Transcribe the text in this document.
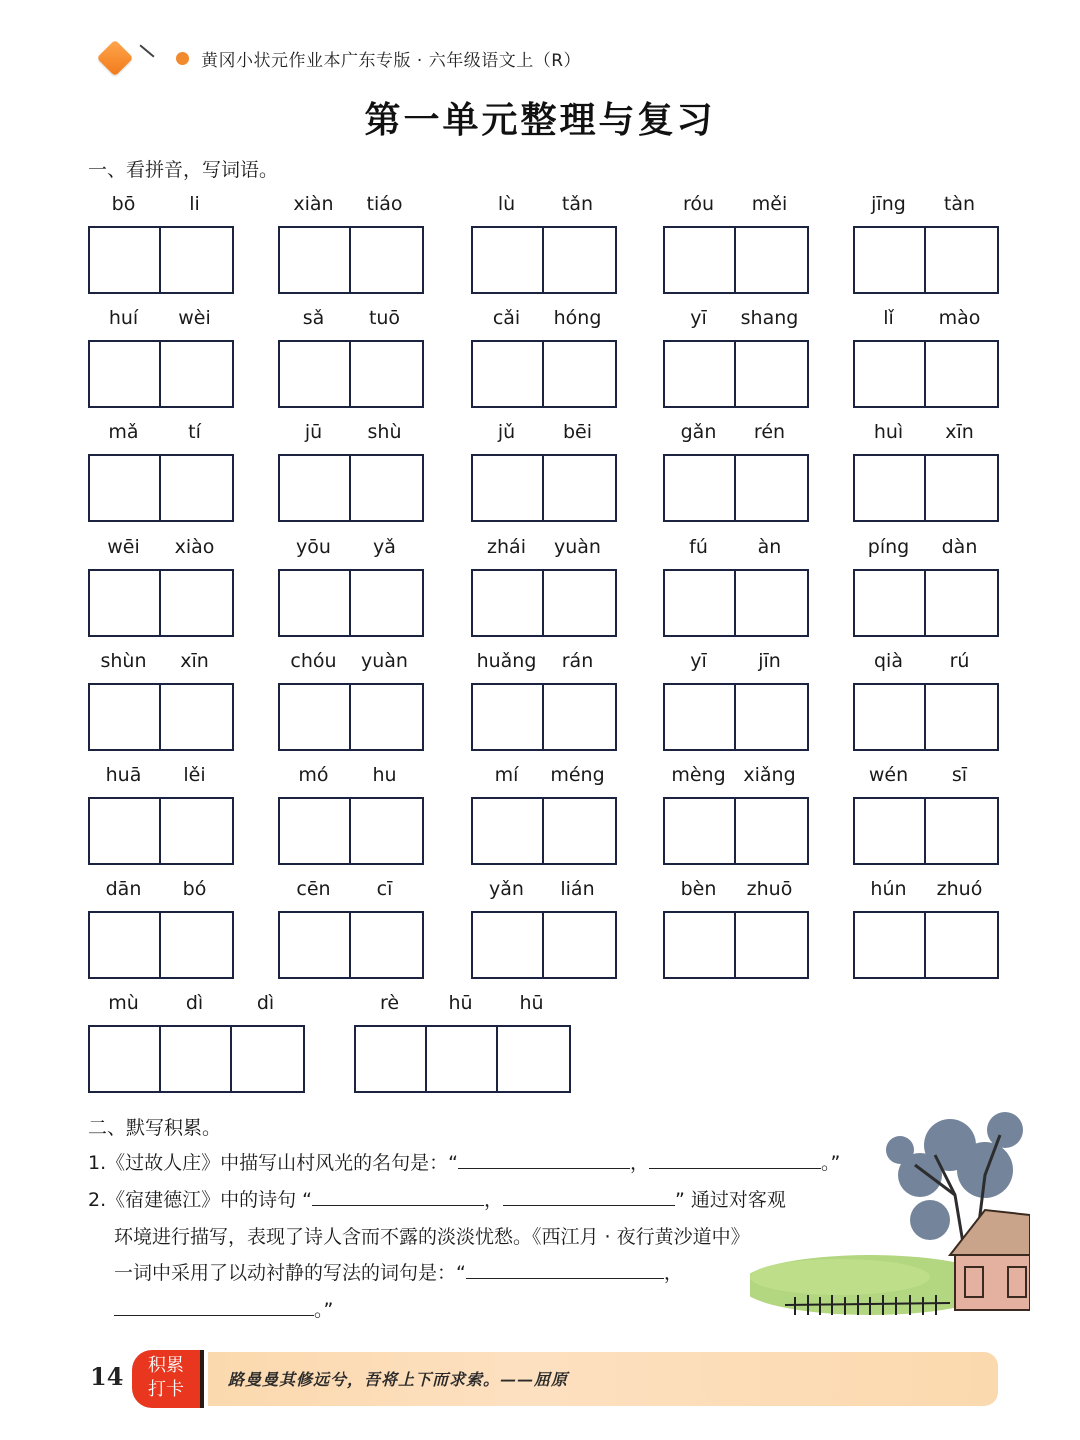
黄冈小状元作业本广东专版 · 六年级语文上（R）
第一单元整理与复习
一、看拼音，写词语。
bō	li	xiàn	tiáo	lù	tǎn	róu	měi	jīng	tàn
huí	wèi	sǎ	tuō	cǎi	hóng	yī	shang	lǐ	mào
mǎ	tí	jū	shù	jǔ	bēi	gǎn	rén	huì	xīn
wēi	xiào	yōu	yǎ	zhái	yuàn	fú	àn	píng	dàn
shùn	xīn	chóu	yuàn	huǎng	rán	yī	jīn	qià	rú
huā	lěi	mó	hu	mí	méng	mèng xiǎng	wén	sī
dān	bó	cēn	cī	yǎn	lián	bèn	zhuō	hún	zhuó
mù	dì	dì	rè	hū	hū
二、默写积累。
1.《过故人庄》中描写山村风光的名句是：“	，	。”
2.《宿建德江》中的诗句 “	，	” 通过对客观
环境进行描写，表现了诗人含而不露的淡淡忧愁。《西江月 · 夜行黄沙道中》
一词中采用了以动衬静的写法的词句是：“	，
。”
14	积累
打卡	路曼曼其修远兮，吾将上下而求索。——屈原
